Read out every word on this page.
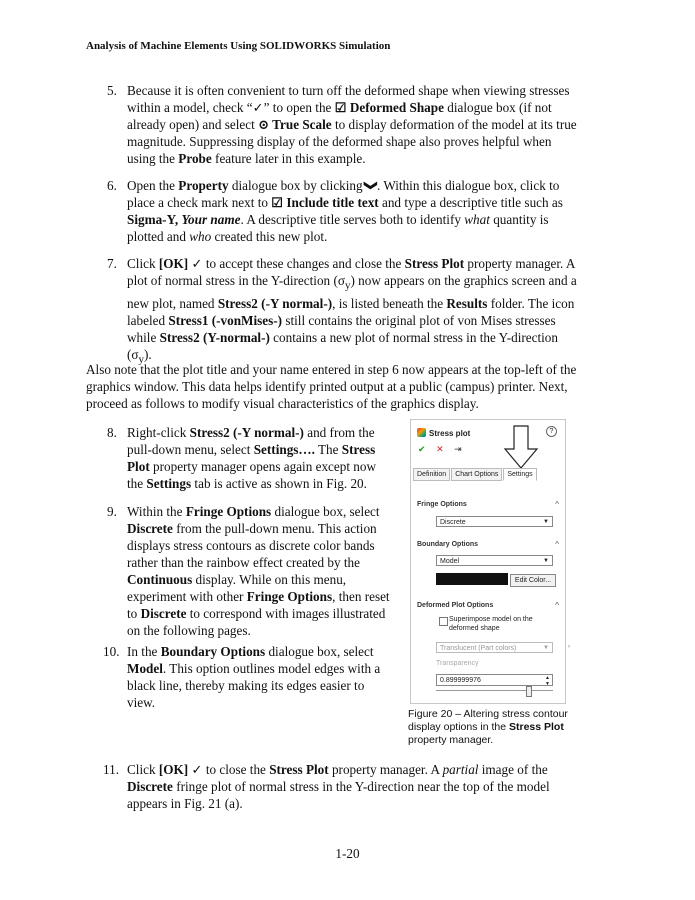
Analysis of Machine Elements Using SOLIDWORKS Simulation
5. Because it is often convenient to turn off the deformed shape when viewing stresses within a model, check “✓” to open the ☑ Deformed Shape dialogue box (if not already open) and select ⊙ True Scale to display deformation of the model at its true magnitude. Suppressing display of the deformed shape also proves helpful when using the Probe feature later in this example.
6. Open the Property dialogue box by clicking ❯. Within this dialogue box, click to place a check mark next to ☑ Include title text and type a descriptive title such as Sigma-Y, Your name. A descriptive title serves both to identify what quantity is plotted and who created this new plot.
7. Click [OK] ✓ to accept these changes and close the Stress Plot property manager. A plot of normal stress in the Y-direction $(\sigma_y)$ now appears on the graphics screen and a new plot, named Stress2 (-Y normal-), is listed beneath the Results folder. The icon labeled Stress1 (-vonMises-) still contains the original plot of von Mises stresses while Stress2 (Y-normal-) contains a new plot of normal stress in the Y-direction $(\sigma_y)$.
Also note that the plot title and your name entered in step 6 now appears at the top-left of the graphics window. This data helps identify printed output at a public (campus) printer. Next, proceed as follows to modify visual characteristics of the graphics display.
8. Right-click Stress2 (-Y normal-) and from the pull-down menu, select Settings…. The Stress Plot property manager opens again except now the Settings tab is active as shown in Fig. 20.
9. Within the Fringe Options dialogue box, select Discrete from the pull-down menu. This action displays stress contours as discrete color bands rather than the rainbow effect created by the Continuous display. While on this menu, experiment with other Fringe Options, then reset to Discrete to correspond with images illustrated on the following pages.
10. In the Boundary Options dialogue box, select Model. This option outlines model edges with a black line, thereby making its edges easier to view.
Stress plot	?
✔ ✕ ⇥
Definition	Chart Options	Settings
Fringe Options	^
Discrete	▼
Boundary Options	^
Model	▼
Edit Color...
Deformed Plot Options	^
Superimpose model on the deformed shape
Translucent (Part colors)	▼	›
Transparency
0.899999976	▲
▼
Figure 20 – Altering stress contour display options in the Stress Plot property manager.
11. Click [OK] ✓ to close the Stress Plot property manager. A partial image of the Discrete fringe plot of normal stress in the Y-direction near the top of the model appears in Fig. 21 (a).
1-20
